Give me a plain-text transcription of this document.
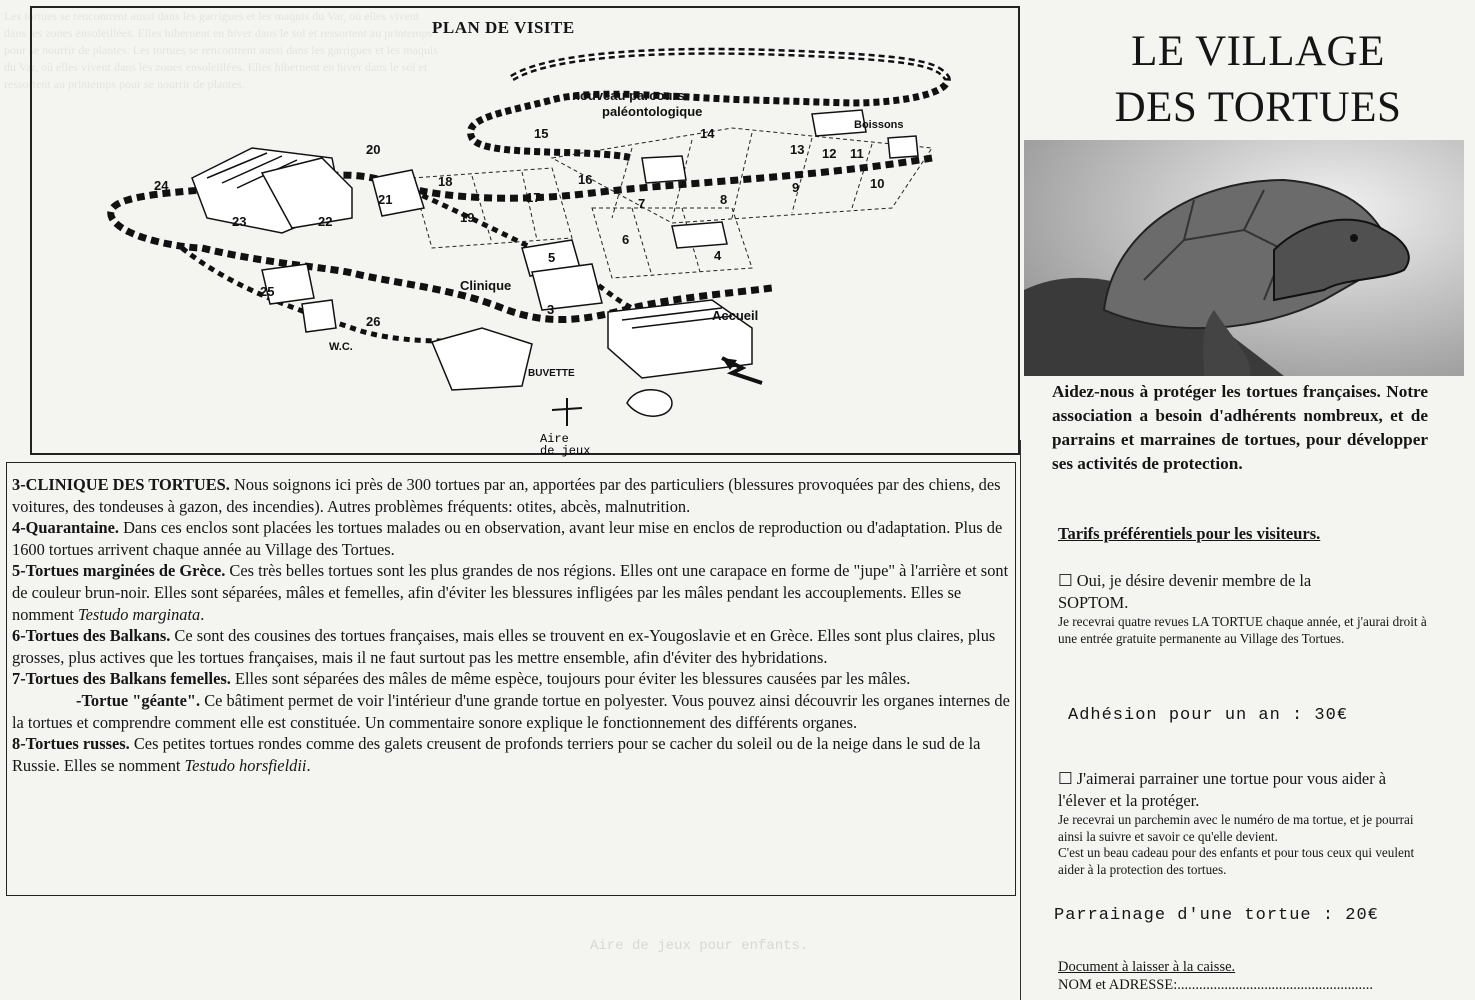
Les tortues se rencontrent aussi dans les garrigues et les maquis du Var, où elles vivent dans les zones ensoleillées. Elles hibernent en hiver dans le sol et ressortent au printemps pour se nourrir de plantes. Les tortues se rencontrent aussi dans les garrigues et les maquis du Var, où elles vivent dans les zones ensoleillées. Elles hibernent en hiver dans le sol et ressortent au printemps pour se nourrir de plantes.
PLAN DE VISITE
nouveau parcours
paléontologique
Boissons
Clinique
Accueil
BUVETTE
W.C.
Aire
de jeux
24
23	22
21
20
19
18
17
16
15	14
13 12 11
10
9
8
7
6
5	4
3
25
26

3-CLINIQUE DES TORTUES. Nous soignons ici près de 300 tortues par an, apportées par des particuliers (blessures provoquées par des chiens, des voitures, des tondeuses à gazon, des incendies). Autres problèmes fréquents: otites, abcès, malnutrition.

4-Quarantaine. Dans ces enclos sont placées les tortues malades ou en observation, avant leur mise en enclos de reproduction ou d'adaptation. Plus de 1600 tortues arrivent chaque année au Village des Tortues.

5-Tortues marginées de Grèce. Ces très belles tortues sont les plus grandes de nos régions. Elles ont une carapace en forme de "jupe" à l'arrière et sont de couleur brun-noir. Elles sont séparées, mâles et femelles, afin d'éviter les blessures infligées par les mâles pendant les accouplements. Elles se nomment Testudo marginata.

6-Tortues des Balkans. Ce sont des cousines des tortues françaises, mais elles se trouvent en ex-Yougoslavie et en Grèce. Elles sont plus claires, plus grosses, plus actives que les tortues françaises, mais il ne faut surtout pas les mettre ensemble, afin d'éviter des hybridations.

7-Tortues des Balkans femelles. Elles sont séparées des mâles de même espèce, toujours pour éviter les blessures causées par les mâles.

-Tortue "géante". Ce bâtiment permet de voir l'intérieur d'une grande tortue en polyester. Vous pouvez ainsi découvrir les organes internes de la tortues et comprendre comment elle est constituée. Un commentaire sonore explique le fonctionnement des différents organes.

8-Tortues russes. Ces petites tortues rondes comme des galets creusent de profonds terriers pour se cacher du soleil ou de la neige dans le sud de la Russie. Elles se nomment Testudo horsfieldii.

Aire de jeux pour enfants.
LE VILLAGE
DES TORTUES
Aidez-nous à protéger les tortues françaises. Notre association a besoin d'adhérents nombreux, et de parrains et marraines de tortues, pour développer ses activités de protection.
Tarifs préférentiels pour les visiteurs.
☐ Oui, je désire devenir membre de la
SOPTOM.
Je recevrai quatre revues LA TORTUE chaque année, et j'aurai droit à une entrée gratuite permanente au Village des Tortues.
Adhésion pour un an : 30€
☐ J'aimerai parrainer une tortue pour vous aider à l'élever et la protéger.
Je recevrai un parchemin avec le numéro de ma tortue, et je pourrai ainsi la suivre et savoir ce qu'elle devient.
C'est un beau cadeau pour des enfants et pour tous ceux qui veulent aider à la protection des tortues.
Parrainage d'une tortue : 20€
Document à laisser à la caisse.
NOM et ADRESSE:......................................................
